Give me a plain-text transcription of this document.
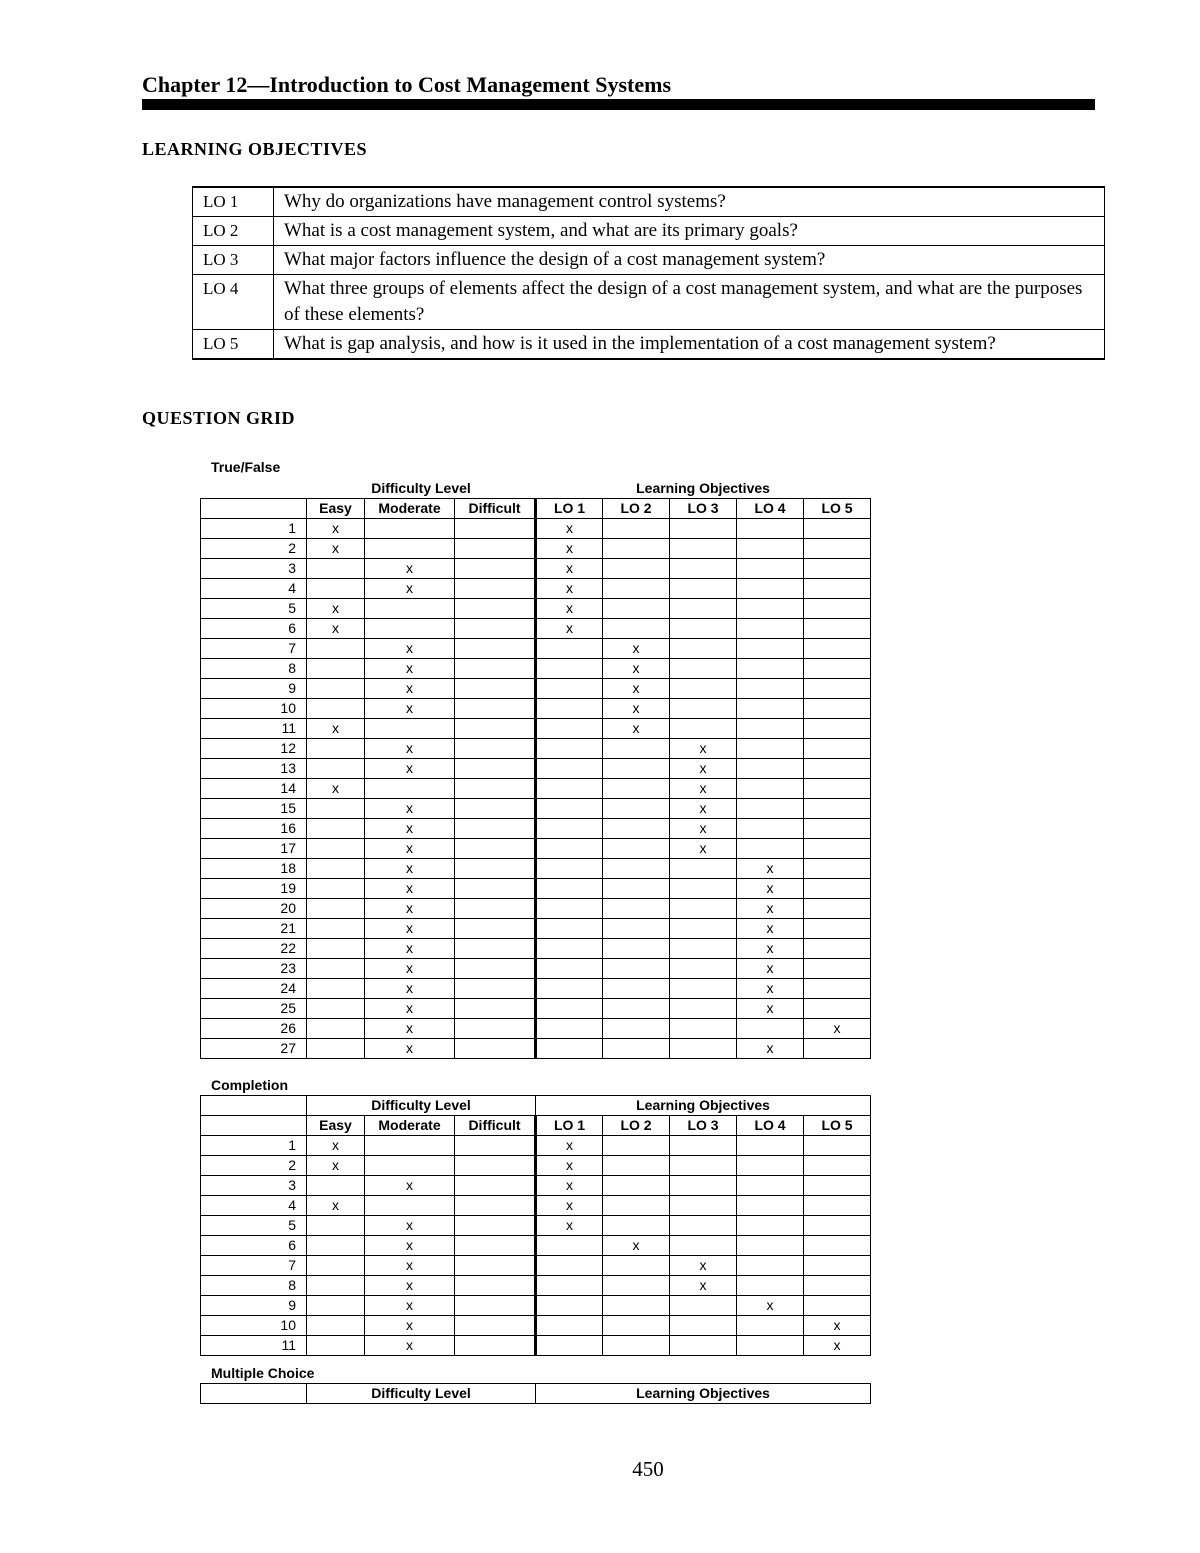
Chapter 12—Introduction to Cost Management Systems
LEARNING OBJECTIVES
LO 1	Why do organizations have management control systems?
LO 2	What is a cost management system, and what are its primary goals?
LO 3	What major factors influence the design of a cost management system?
LO 4	What three groups of elements affect the design of a cost management system, and what are the purposes of these elements?
LO 5	What is gap analysis, and how is it used in the implementation of a cost management system?
QUESTION GRID
True/False
	Difficulty Level			Learning Objectives				
	Easy	Moderate	Difficult	LO 1	LO 2	LO 3	LO 4	LO 5
1	x			x				
2	x			x				
3		x		x				
4		x		x				
5	x			x				
6	x			x				
7		x			x			
8		x			x			
9		x			x			
10		x			x			
11	x				x			
12		x				x		
13		x				x		
14	x					x		
15		x				x		
16		x				x		
17		x				x		
18		x					x	
19		x					x	
20		x					x	
21		x					x	
22		x					x	
23		x					x	
24		x					x	
25		x					x	
26		x						x
27		x					x	
Completion
	Difficulty Level			Learning Objectives				
	Easy	Moderate	Difficult	LO 1	LO 2	LO 3	LO 4	LO 5
1	x			x				
2	x			x				
3		x		x				
4	x			x				
5		x		x				
6		x			x			
7		x				x		
8		x				x		
9		x					x	
10		x						x
11		x						x
Multiple Choice
	Difficulty Level	Learning Objectives
450
